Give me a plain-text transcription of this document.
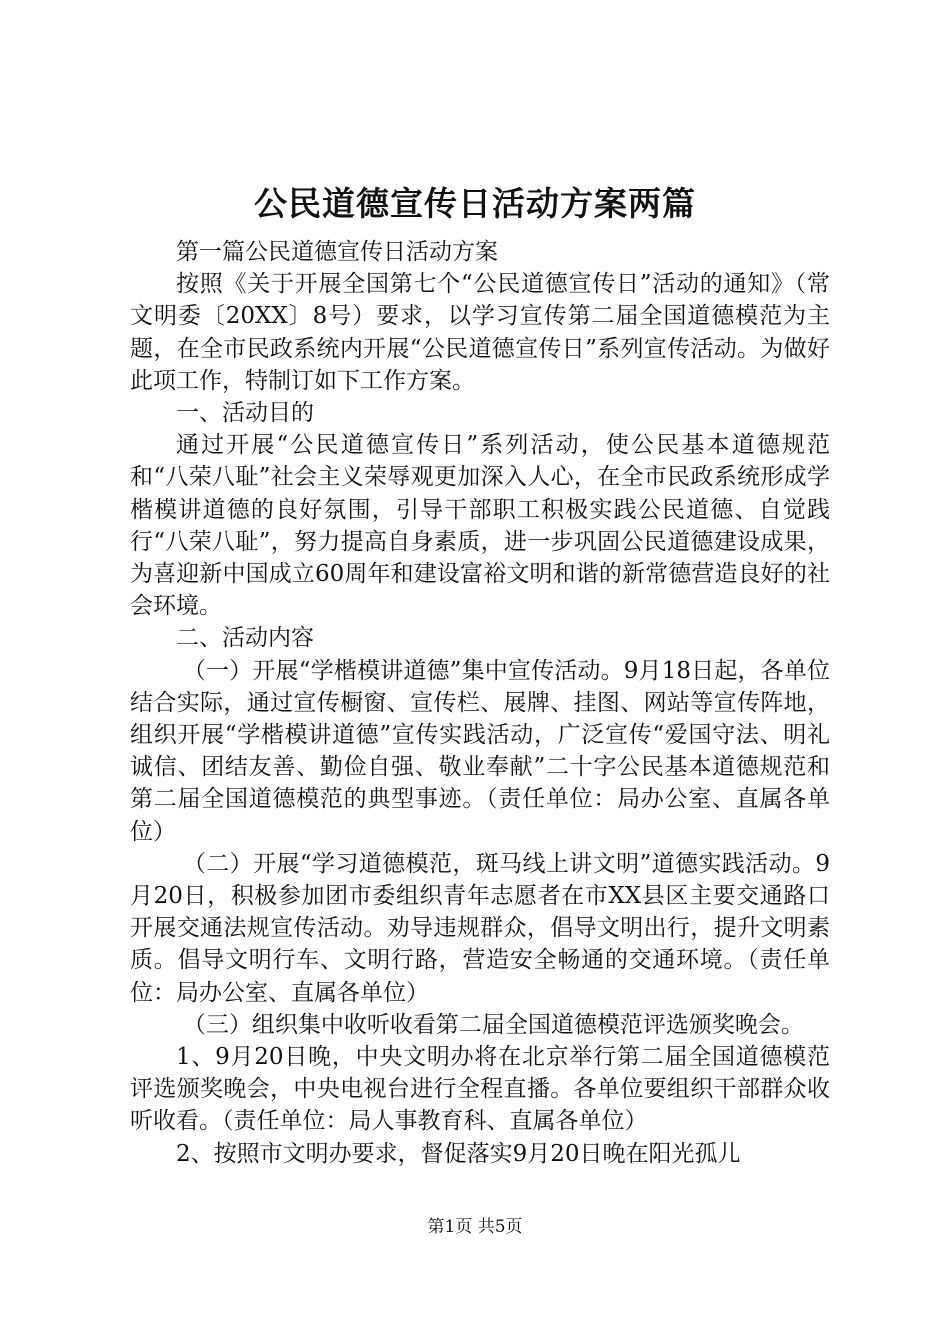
公民道德宣传日活动方案两篇

第一篇公民道德宣传日活动方案

按照《关于开展全国第七个“公民道德宣传日”活动的通知》（常文明委〔20XX〕8号）要求，以学习宣传第二届全国道德模范为主题，在全市民政系统内开展“公民道德宣传日”系列宣传活动。为做好此项工作，特制订如下工作方案。

一、活动目的

通过开展“公民道德宣传日”系列活动，使公民基本道德规范和“八荣八耻”社会主义荣辱观更加深入人心，在全市民政系统形成学楷模讲道德的良好氛围，引导干部职工积极实践公民道德、自觉践行“八荣八耻”，努力提高自身素质，进一步巩固公民道德建设成果，为喜迎新中国成立60周年和建设富裕文明和谐的新常德营造良好的社会环境。

二、活动内容

（一）开展“学楷模讲道德”集中宣传活动。9月18日起，各单位结合实际，通过宣传橱窗、宣传栏、展牌、挂图、网站等宣传阵地，组织开展“学楷模讲道德”宣传实践活动，广泛宣传“爱国守法、明礼诚信、团结友善、勤俭自强、敬业奉献”二十字公民基本道德规范和第二届全国道德模范的典型事迹。（责任单位：局办公室、直属各单位）

（二）开展“学习道德模范，斑马线上讲文明”道德实践活动。9月20日，积极参加团市委组织青年志愿者在市XX县区主要交通路口开展交通法规宣传活动。劝导违规群众，倡导文明出行，提升文明素质。倡导文明行车、文明行路，营造安全畅通的交通环境。（责任单位：局办公室、直属各单位）

（三）组织集中收听收看第二届全国道德模范评选颁奖晚会。

1、9月20日晚，中央文明办将在北京举行第二届全国道德模范评选颁奖晚会，中央电视台进行全程直播。各单位要组织干部群众收听收看。（责任单位：局人事教育科、直属各单位）

2、按照市文明办要求，督促落实9月20日晚在阳光孤儿

第1页 共5页
